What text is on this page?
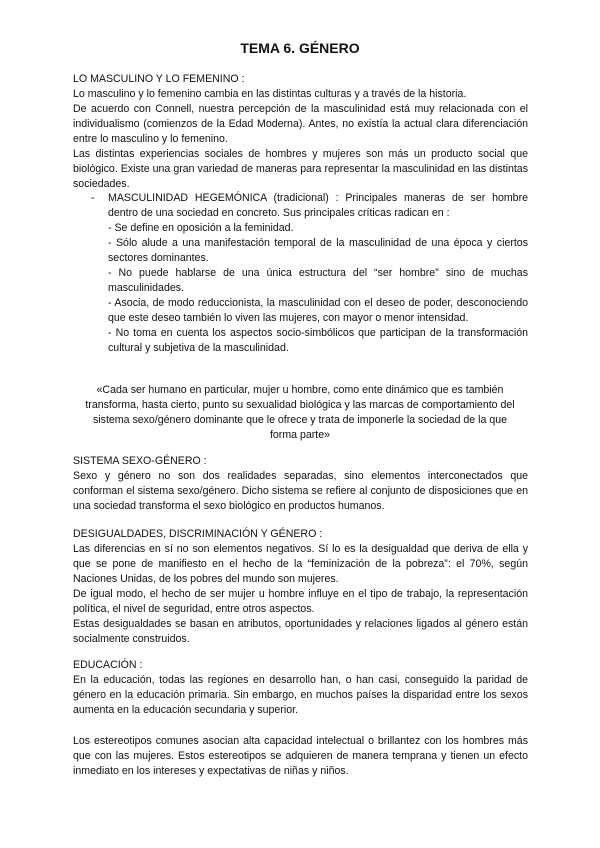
TEMA 6. GÉNERO

LO MASCULINO Y LO FEMENINO :

Lo masculino y lo femenino cambia en las distintas culturas y a través de la historia.

De acuerdo con Connell, nuestra percepción de la masculinidad está muy relacionada con el individualismo (comienzos de la Edad Moderna). Antes, no existía la actual clara diferenciación entre lo masculino y lo femenino.

Las distintas experiencias sociales de hombres y mujeres son más un producto social que biológico. Existe una gran variedad de maneras para representar la masculinidad en las distintas sociedades.

- MASCULINIDAD HEGEMÓNICA (tradicional) : Principales maneras de ser hombre dentro de una sociedad en concreto. Sus principales críticas radican en :

- Se define en oposición a la feminidad.

- Sólo alude a una manifestación temporal de la masculinidad de una época y ciertos sectores dominantes.

- No puede hablarse de una única estructura del “ser hombre” sino de muchas masculinidades.

- Asocia, de modo reduccionista, la masculinidad con el deseo de poder, desconociendo que este deseo también lo viven las mujeres, con mayor o menor intensidad.

- No toma en cuenta los aspectos socio-simbólicos que participan de la transformación cultural y subjetiva de la masculinidad.

«Cada ser humano en particular, mujer u hombre, como ente dinámico que es también transforma, hasta cierto, punto su sexualidad biológica y las marcas de comportamiento del sistema sexo/género dominante que le ofrece y trata de imponerle la sociedad de la que forma parte»

SISTEMA SEXO-GÉNERO :

Sexo y género no son dos realidades separadas, sino elementos interconectados que conforman el sistema sexo/género. Dicho sistema se refiere al conjunto de disposiciones que en una sociedad transforma el sexo biológico en productos humanos.

DESIGUALDADES, DISCRIMINACIÓN Y GÉNERO :

Las diferencias en sí no son elementos negativos. Sí lo es la desigualdad que deriva de ella y que se pone de manifiesto en el hecho de la “feminización de la pobreza”: el 70%, según Naciones Unidas, de los pobres del mundo son mujeres.

De igual modo, el hecho de ser mujer u hombre influye en el tipo de trabajo, la representación política, el nivel de seguridad, entre otros aspectos.

Estas desigualdades se basan en atributos, oportunidades y relaciones ligados al género están socialmente construidos.

EDUCACIÓN :

En la educación, todas las regiones en desarrollo han, o han casi, conseguido la paridad de género en la educación primaria. Sin embargo, en muchos países la disparidad entre los sexos aumenta en la educación secundaria y superior.

Los estereotipos comunes asocian alta capacidad intelectual o brillantez con los hombres más que con las mujeres. Estos estereotipos se adquieren de manera temprana y tienen un efecto inmediato en los intereses y expectativas de niñas y niños.
